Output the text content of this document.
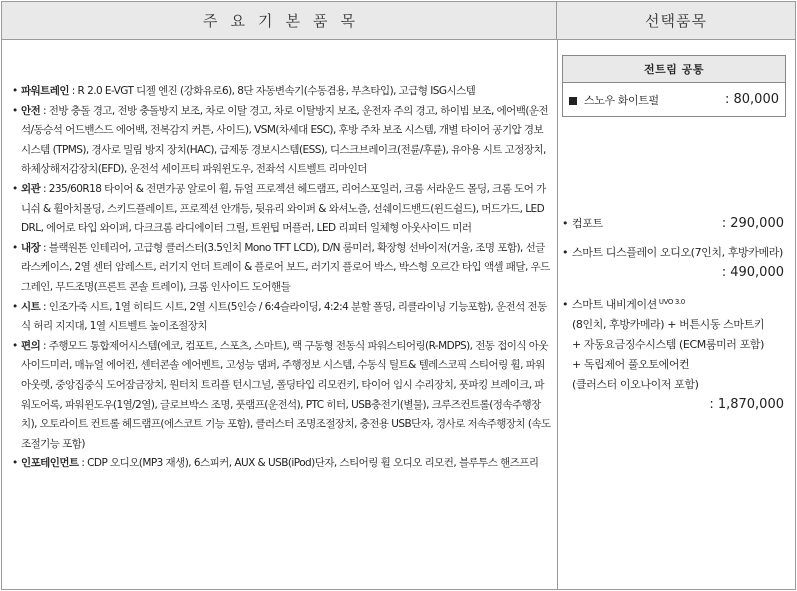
주요기본품목	선택품목
• 파워트레인 : R 2.0 E-VGT 디젤 엔진 (강화유로6), 8단 자동변속기(수동겸용, 부츠타입), 고급형 ISG시스템
• 안전 : 전방 충돌 경고, 전방 충돌방지 보조, 차로 이탈 경고, 차로 이탈방지 보조, 운전자 주의 경고, 하이빔 보조, 에어백(운전석/동승석 어드밴스드 에어백, 전복감지 커튼, 사이드), VSM(차세대 ESC), 후방 주차 보조 시스템, 개별 타이어 공기압 경보시스템 (TPMS), 경사로 밀림 방지 장치(HAC), 급제동 경보시스템(ESS), 디스크브레이크(전륜/후륜), 유아용 시트 고정장치, 하체상해저감장치(EFD), 운전석 세이프티 파워윈도우, 전좌석 시트벨트 리마인더
• 외관 : 235/60R18 타이어 & 전면가공 알로이 휠, 듀얼 프로젝션 헤드램프, 리어스포일러, 크롬 서라운드 몰딩, 크롬 도어 가니쉬 & 휠아치몰딩, 스키드플레이트, 프로젝션 안개등, 뒷유리 와이퍼 & 와셔노즐, 선쉐이드밴드(윈드쉴드), 머드가드, LED DRL, 에어로 타입 와이퍼, 다크크롬 라디에이터 그릴, 트윈팁 머플러, LED 리피터 일체형 아웃사이드 미러
• 내장 : 블랙원톤 인테리어, 고급형 클러스터(3.5인치 Mono TFT LCD), D/N 룸미러, 확장형 선바이저(거울, 조명 포함), 선글라스케이스, 2열 센터 암레스트, 러기지 언더 트레이 & 플로어 보드, 러기지 플로어 박스, 박스형 오르간 타입 액셀 패달, 우드그레인, 무드조명(프론트 콘솔 트레이), 크롬 인사이드 도어핸들
• 시트 : 인조가죽 시트, 1열 히티드 시트, 2열 시트(5인승 / 6:4슬라이딩, 4:2:4 분할 폴딩, 리클라이닝 기능포함), 운전석 전동식 허리 지지대, 1열 시트벨트 높이조절장치
• 편의 : 주행모드 통합제어시스템(에코, 컴포트, 스포츠, 스마트), 랙 구동형 전동식 파워스티어링(R-MDPS), 전동 접이식 아웃사이드미러, 매뉴얼 에어컨, 센터콘솔 에어벤트, 고성능 댐퍼, 주행정보 시스템, 수동식 틸트& 텔레스코픽 스티어링 휠, 파워 아웃렛, 중앙집중식 도어잠금장치, 원터치 트리플 턴시그널, 폴딩타입 리모컨키, 타이어 임시 수리장치, 풋파킹 브레이크, 파워도어록, 파워윈도우(1열/2열), 글로브박스 조명, 풋램프(운전석), PTC 히터, USB충전기(별물), 크루즈컨트롤(정속주행장치), 오토라이트 컨트롤 헤드램프(에스코트 기능 포함), 클러스터 조명조절장치, 충전용 USB단자, 경사로 저속주행장치 (속도조절기능 포함)
• 인포테인먼트 : CDP 오디오(MP3 재생), 6스피커, AUX & USB(iPod)단자, 스티어링 휠 오디오 리모컨, 블루투스 핸즈프리
전트림 공통
스노우 화이트펄	: 80,000
• 컴포트	: 290,000
• 스마트 디스플레이 오디오(7인치, 후방카메라)
: 490,000
• 스마트 내비게이션 $^{UVO 3.0}$
(8인치, 후방카메라) + 버튼시동 스마트키
+ 자동요금징수시스템 (ECM룸미러 포함)
+ 독립제어 풀오토에어컨
(클러스터 이오나이저 포함)
: 1,870,000
